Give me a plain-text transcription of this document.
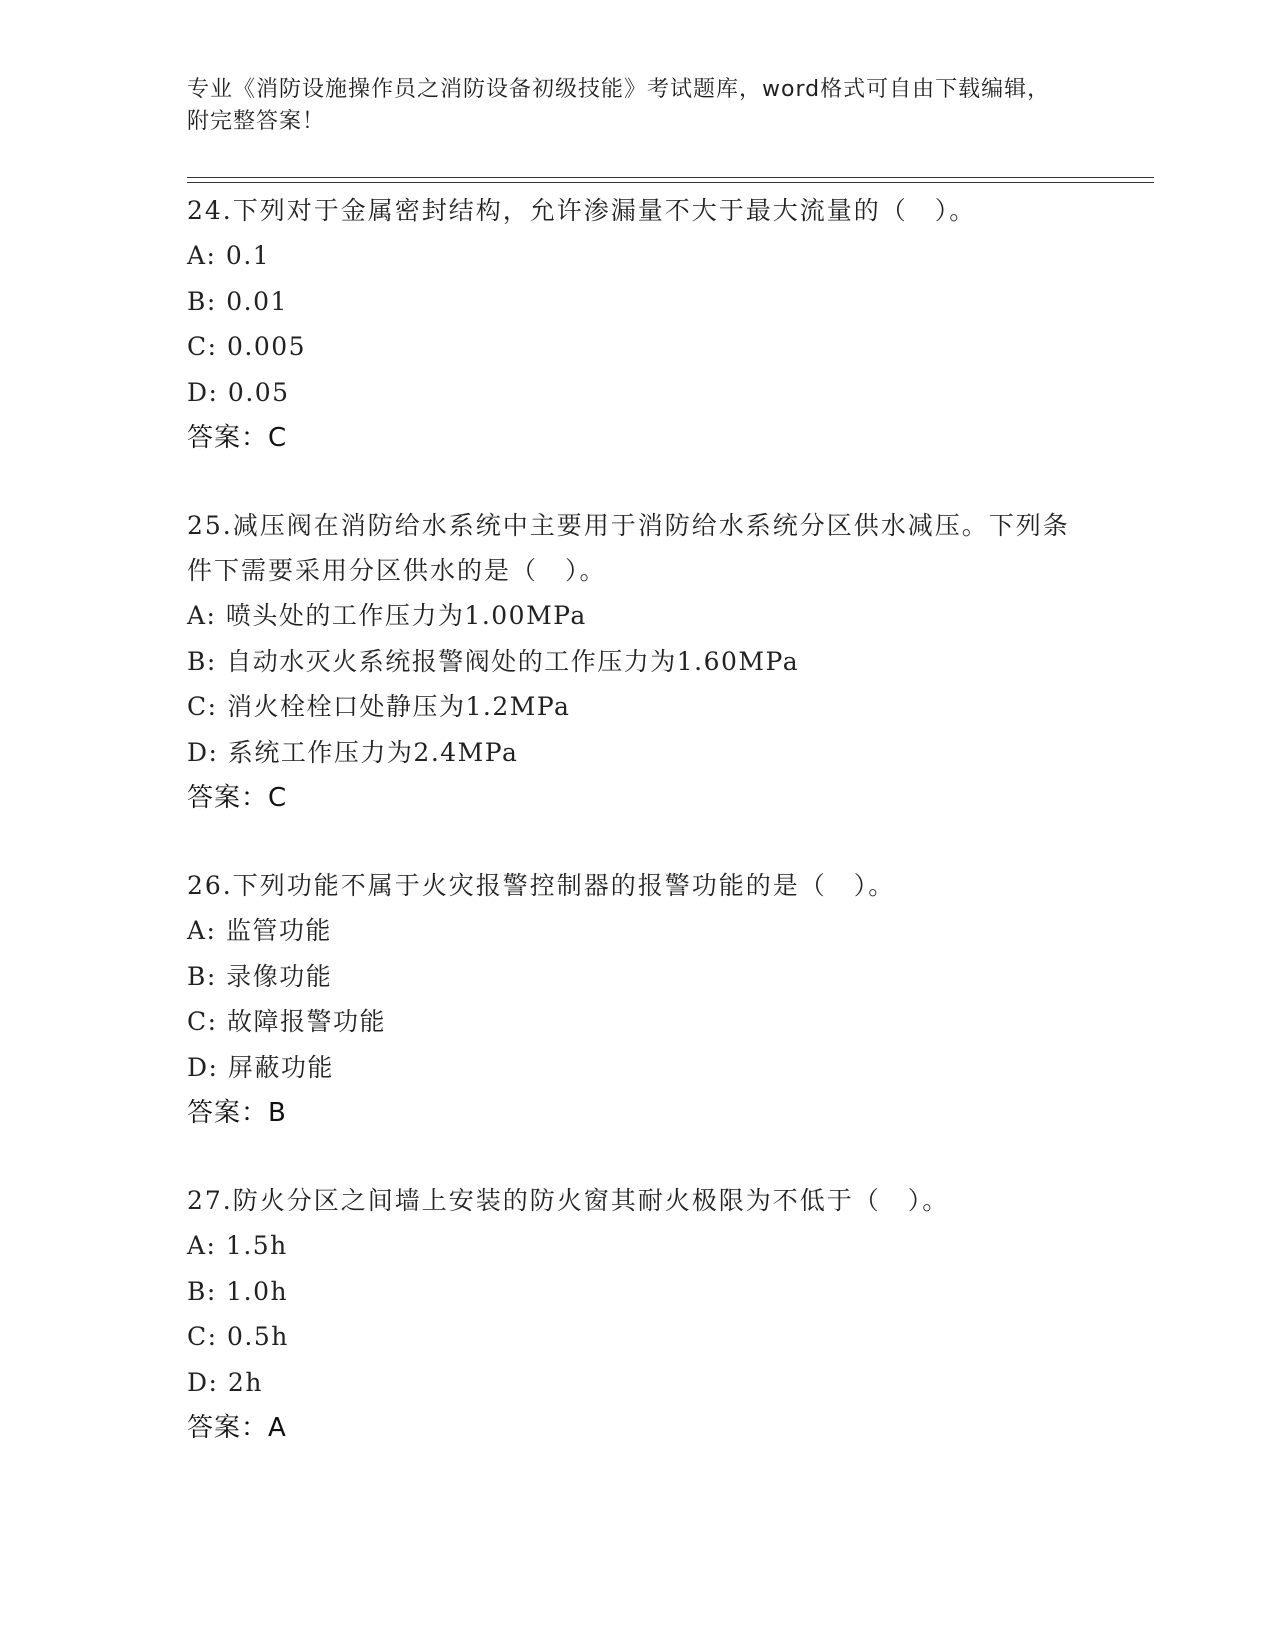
专业《消防设施操作员之消防设备初级技能》考试题库，word格式可自由下载编辑，附完整答案！

24.下列对于金属密封结构，允许渗漏量不大于最大流量的（　）。

A: 0.1

B: 0.01

C: 0.005

D: 0.05

答案：C

25.减压阀在消防给水系统中主要用于消防给水系统分区供水减压。下列条件下需要采用分区供水的是（　）。

A: 喷头处的工作压力为1.00MPa

B: 自动水灭火系统报警阀处的工作压力为1.60MPa

C: 消火栓栓口处静压为1.2MPa

D: 系统工作压力为2.4MPa

答案：C

26.下列功能不属于火灾报警控制器的报警功能的是（　）。

A: 监管功能

B: 录像功能

C: 故障报警功能

D: 屏蔽功能

答案：B

27.防火分区之间墙上安装的防火窗其耐火极限为不低于（　）。

A: 1.5h

B: 1.0h

C: 0.5h

D: 2h

答案：A
